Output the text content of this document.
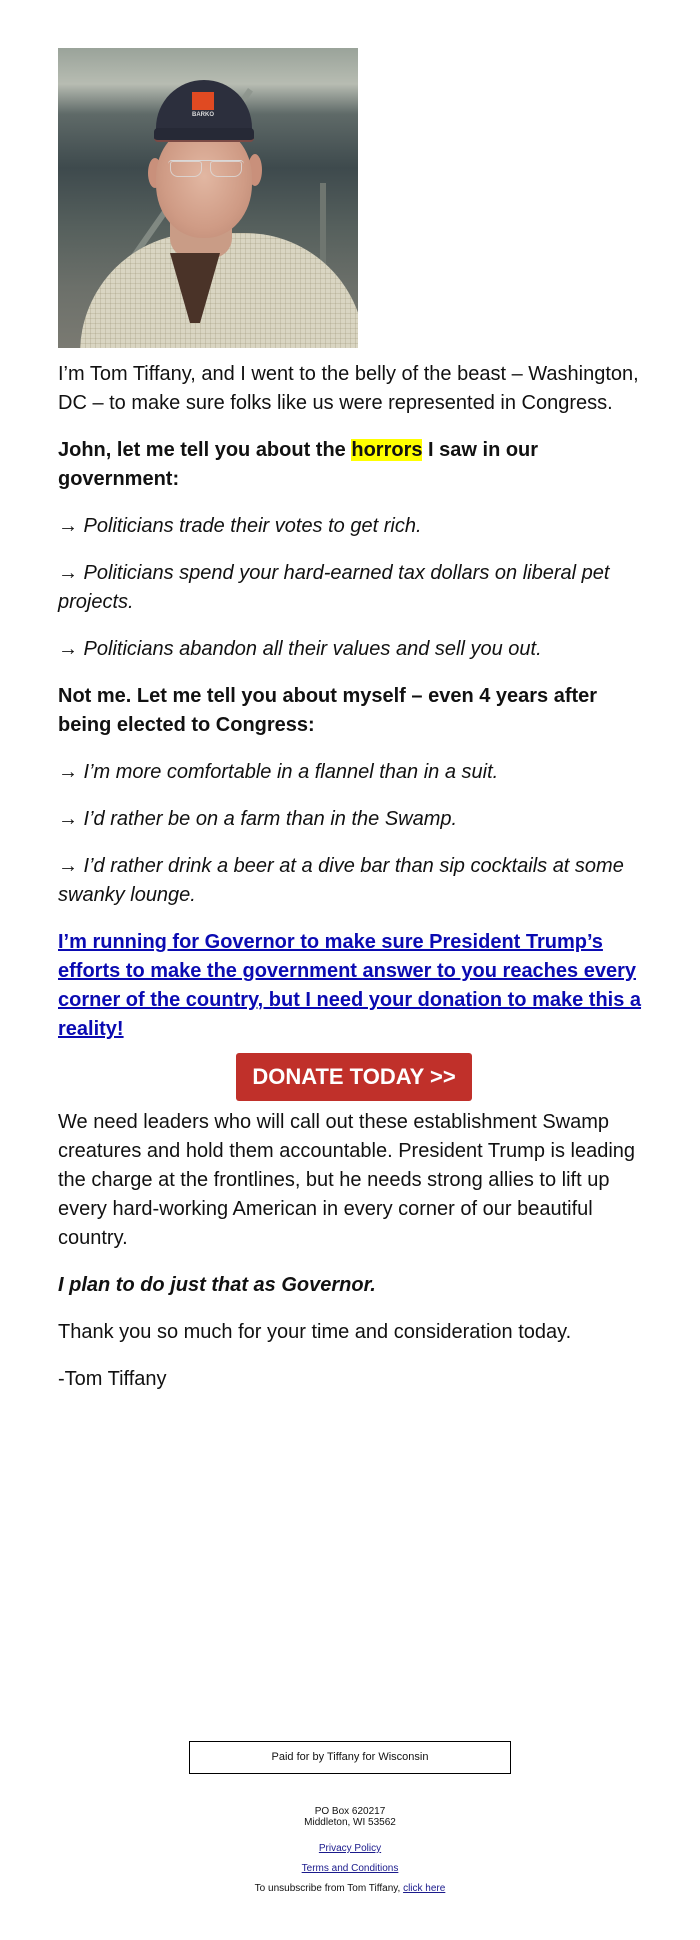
BARKO

I’m Tom Tiffany, and I went to the belly of the beast – Washington, DC – to make sure folks like us were represented in Congress.

John, let me tell you about the horrors I saw in our government:

→ Politicians trade their votes to get rich.

→ Politicians spend your hard-earned tax dollars on liberal pet projects.

→ Politicians abandon all their values and sell you out.

Not me. Let me tell you about myself – even 4 years after being elected to Congress:

→ I’m more comfortable in a flannel than in a suit.

→ I’d rather be on a farm than in the Swamp.

→ I’d rather drink a beer at a dive bar than sip cocktails at some swanky lounge.

I’m running for Governor to make sure President Trump’s efforts to make the government answer to you reaches every corner of the country, but I need your donation to make this a reality!

DONATE TODAY >>

We need leaders who will call out these establishment Swamp creatures and hold them accountable. President Trump is leading the charge at the frontlines, but he needs strong allies to lift up every hard-working American in every corner of our beautiful country.

I plan to do just that as Governor.

Thank you so much for your time and consideration today.

-Tom Tiffany

Paid for by Tiffany for Wisconsin
PO Box 620217
Middleton, WI 53562
Privacy Policy
Terms and Conditions
To unsubscribe from Tom Tiffany, click here
